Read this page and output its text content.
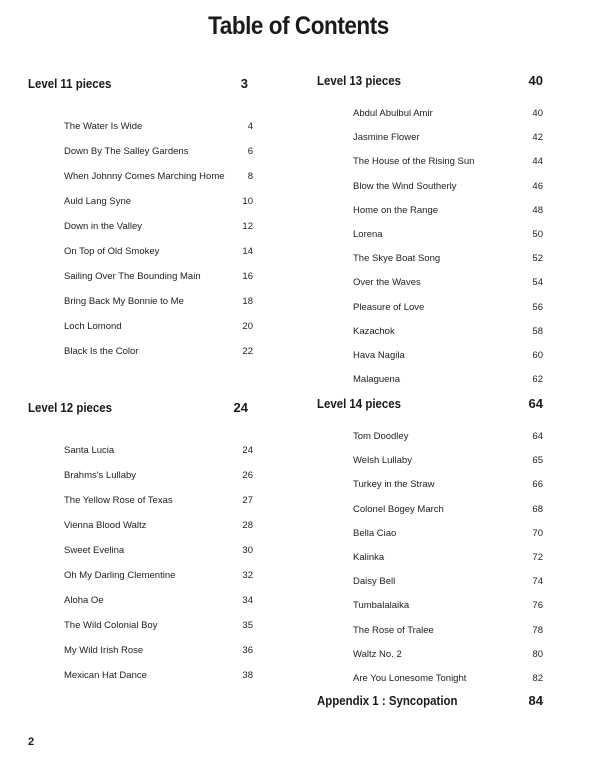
Table of Contents
Level 11 pieces	3
The Water Is Wide	4
Down By The Salley Gardens	6
When Johnny Comes Marching Home	8
Auld Lang Syne	10
Down in the Valley	12
On Top of Old Smokey	14
Sailing Over The Bounding Main	16
Bring Back My Bonnie to Me	18
Loch Lomond	20
Black Is the Color	22
Level 12 pieces	24
Santa Lucia	24
Brahms's Lullaby	26
The Yellow Rose of Texas	27
Vienna Blood Waltz	28
Sweet Evelina	30
Oh My Darling Clementine	32
Aloha Oe	34
The Wild Colonial Boy	35
My Wild Irish Rose	36
Mexican Hat Dance	38
Level 13 pieces	40
Abdul Abulbul Amir	40
Jasmine Flower	42
The House of the Rising Sun	44
Blow the Wind Southerly	46
Home on the Range	48
Lorena	50
The Skye Boat Song	52
Over the Waves	54
Pleasure of Love	56
Kazachok	58
Hava Nagila	60
Malaguena	62
Level 14 pieces	64
Tom Doodley	64
Welsh Lullaby	65
Turkey in the Straw	66
Colonel Bogey March	68
Bella Ciao	70
Kalinka	72
Daisy Bell	74
Tumbalalaika	76
The Rose of Tralee	78
Waltz No. 2	80
Are You Lonesome Tonight	82
Appendix 1 : Syncopation	84
2
